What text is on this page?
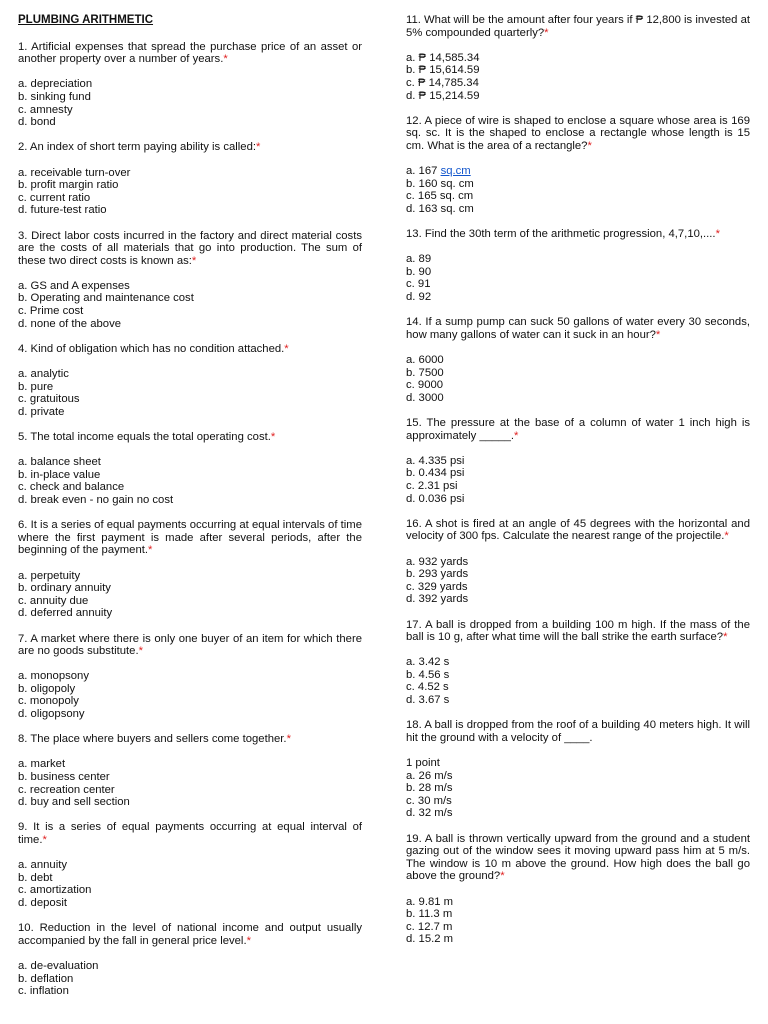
PLUMBING ARITHMETIC
1. Artificial expenses that spread the purchase price of an asset or another property over a number of years.*
a. depreciation
b. sinking fund
c. amnesty
d. bond
2. An index of short term paying ability is called:*
a. receivable turn-over
b. profit margin ratio
c. current ratio
d. future-test ratio
3. Direct labor costs incurred in the factory and direct material costs are the costs of all materials that go into production. The sum of these two direct costs is known as:*
a. GS and A expenses
b. Operating and maintenance cost
c. Prime cost
d. none of the above
4. Kind of obligation which has no condition attached.*
a. analytic
b. pure
c. gratuitous
d. private
5. The total income equals the total operating cost.*
a. balance sheet
b. in-place value
c. check and balance
d. break even - no gain no cost
6. It is a series of equal payments occurring at equal intervals of time where the first payment is made after several periods, after the beginning of the payment.*
a. perpetuity
b. ordinary annuity
c. annuity due
d. deferred annuity
7. A market where there is only one buyer of an item for which there are no goods substitute.*
a. monopsony
b. oligopoly
c. monopoly
d. oligopsony
8. The place where buyers and sellers come together.*
a. market
b. business center
c. recreation center
d. buy and sell section
9. It is a series of equal payments occurring at equal interval of time.*
a. annuity
b. debt
c. amortization
d. deposit
10. Reduction in the level of national income and output usually accompanied by the fall in general price level.*
a. de-evaluation
b. deflation
c. inflation
11. What will be the amount after four years if ₱ 12,800 is invested at 5% compounded quarterly?*
a. ₱ 14,585.34
b. ₱ 15,614.59
c. ₱ 14,785.34
d. ₱ 15,214.59
12. A piece of wire is shaped to enclose a square whose area is 169 sq. sc. It is the shaped to enclose a rectangle whose length is 15 cm. What is the area of a rectangle?*
a. 167 sq.cm
b. 160 sq. cm
c. 165 sq. cm
d. 163 sq. cm
13. Find the 30th term of the arithmetic progression, 4,7,10,....*
a. 89
b. 90
c. 91
d. 92
14. If a sump pump can suck 50 gallons of water every 30 seconds, how many gallons of water can it suck in an hour?*
a. 6000
b. 7500
c. 9000
d. 3000
15. The pressure at the base of a column of water 1 inch high is approximately _____.*
a. 4.335 psi
b. 0.434 psi
c. 2.31 psi
d. 0.036 psi
16. A shot is fired at an angle of 45 degrees with the horizontal and velocity of 300 fps. Calculate the nearest range of the projectile.*
a. 932 yards
b. 293 yards
c. 329 yards
d. 392 yards
17. A ball is dropped from a building 100 m high. If the mass of the ball is 10 g, after what time will the ball strike the earth surface?*
a. 3.42 s
b. 4.56 s
c. 4.52 s
d. 3.67 s
18. A ball is dropped from the roof of a building 40 meters high. It will hit the ground with a velocity of ____.
1 point
a. 26 m/s
b. 28 m/s
c. 30 m/s
d. 32 m/s
19. A ball is thrown vertically upward from the ground and a student gazing out of the window sees it moving upward pass him at 5 m/s. The window is 10 m above the ground. How high does the ball go above the ground?*
a. 9.81 m
b. 11.3 m
c. 12.7 m
d. 15.2 m
